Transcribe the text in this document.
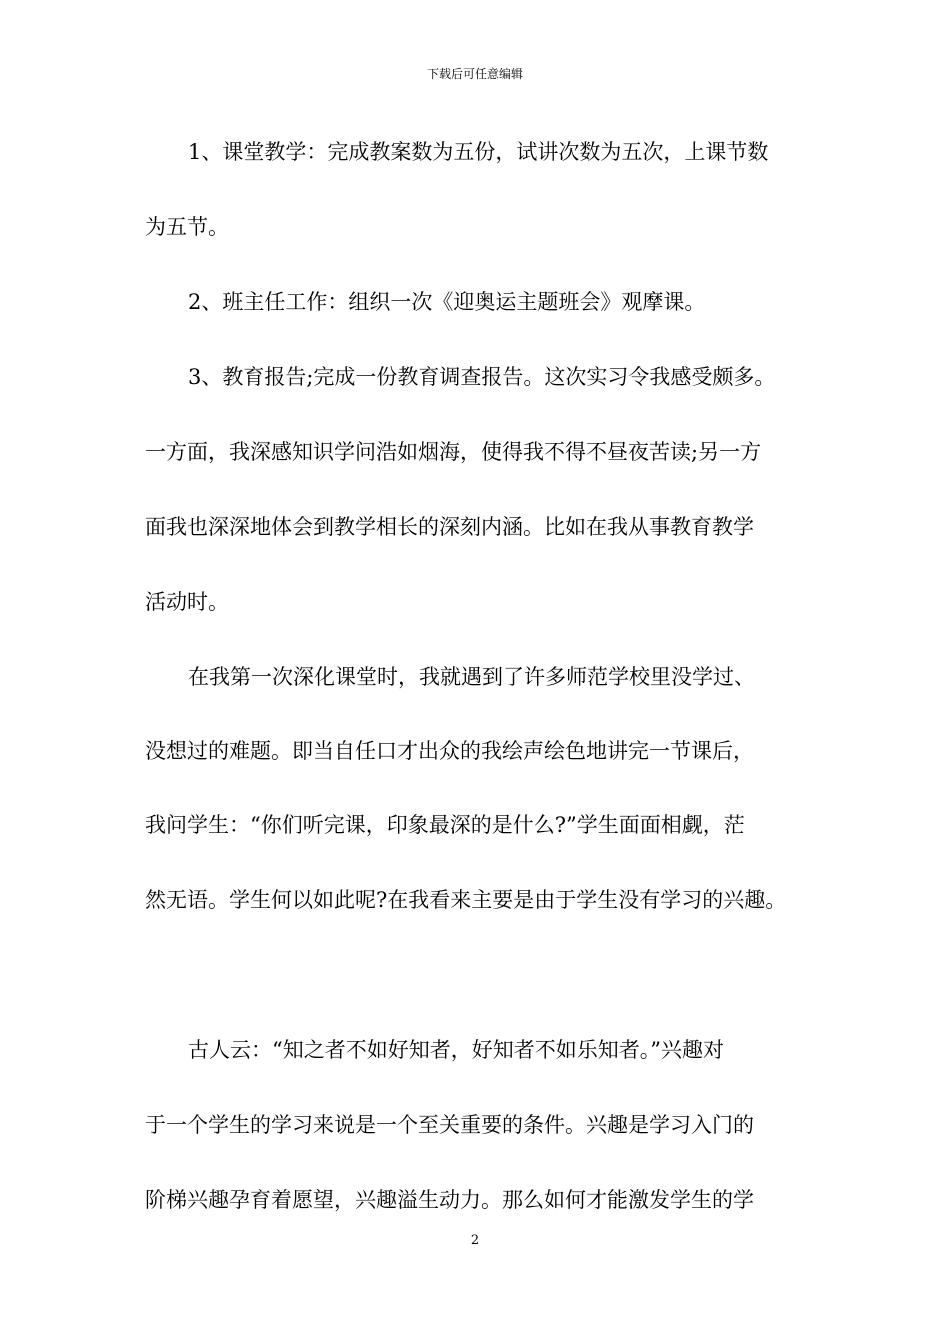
下载后可任意编辑
1、课堂教学：完成教案数为五份，试讲次数为五次，上课节数
为五节。
2、班主任工作：组织一次《迎奥运主题班会》观摩课。
3、教育报告;完成一份教育调查报告。这次实习令我感受颇多。
一方面，我深感知识学问浩如烟海，使得我不得不昼夜苦读;另一方
面我也深深地体会到教学相长的深刻内涵。比如在我从事教育教学
活动时。
在我第一次深化课堂时，我就遇到了许多师范学校里没学过、
没想过的难题。即当自任口才出众的我绘声绘色地讲完一节课后，
我问学生：“你们听完课，印象最深的是什么?”学生面面相觑，茫
然无语。学生何以如此呢?在我看来主要是由于学生没有学习的兴趣。
古人云：“知之者不如好知者，好知者不如乐知者。”兴趣对
于一个学生的学习来说是一个至关重要的条件。兴趣是学习入门的
阶梯兴趣孕育着愿望，兴趣溢生动力。那么如何才能激发学生的学
2
